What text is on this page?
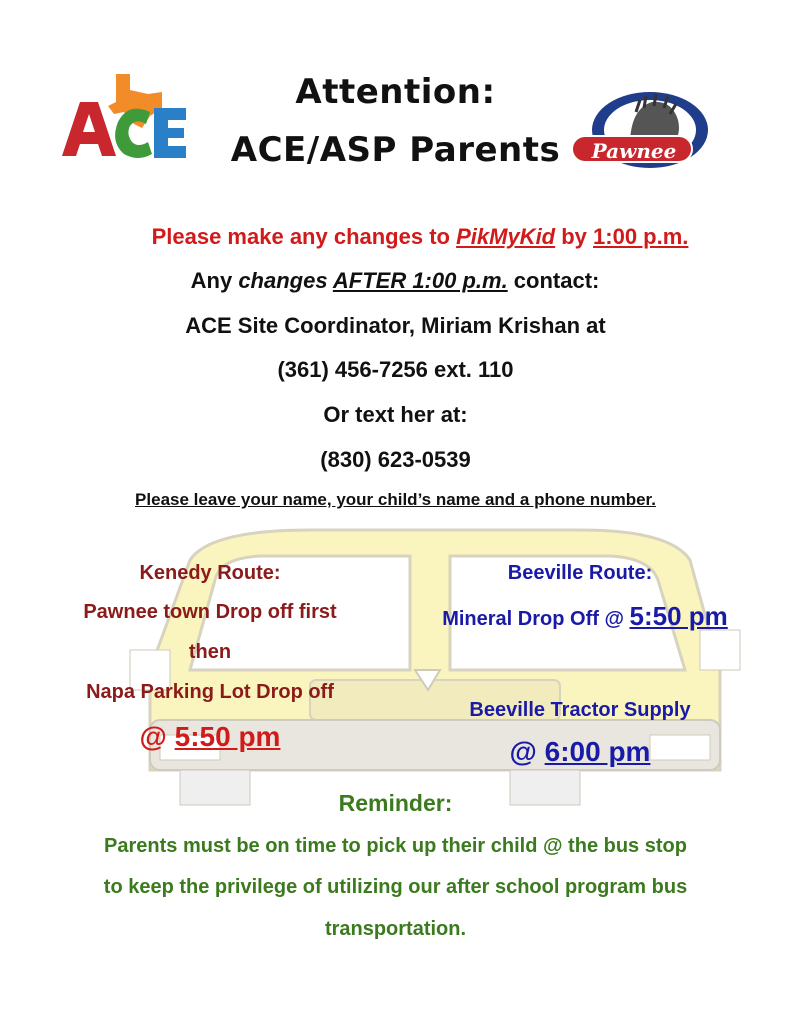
Pawnee
Attention:
ACE/ASP Parents
Please make any changes to PikMyKid by 1:00 p.m.
Any changes AFTER 1:00 p.m. contact:
ACE Site Coordinator, Miriam Krishan at
(361) 456-7256 ext. 110
Or text her at:
(830) 623-0539
Please leave your name, your child’s name and a phone number.
Kenedy Route:
Pawnee town Drop off first
then
Napa Parking Lot Drop off
@ 5:50 pm
Beeville Route:
Mineral Drop Off @ 5:50 pm
Beeville Tractor Supply
@ 6:00 pm
Reminder:
Parents must be on time to pick up their child @ the bus stop
to keep the privilege of utilizing our after school program bus
transportation.
